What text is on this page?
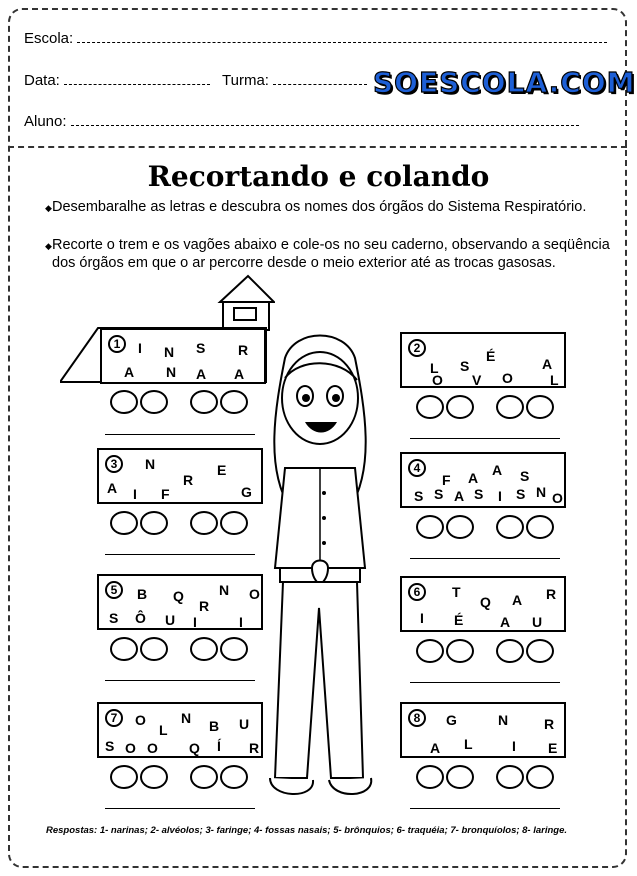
Escola:
Data:	Turma:	SOESCOLA.COM
Aluno:
Recortando e colando
◆ Desembaralhe as letras e descubra os nomes dos órgãos do Sistema Respiratório.
◆ Recorte o trem e os vagões abaixo e cole-os no seu caderno, observando a seqüência dos órgãos em que o ar percorre desde o meio exterior até as trocas gasosas.
1	I N S R
A N A A
2
L S
É	A
O V O	L
3	N	E
R
A I F	G
4
F A A S
S S A S I S N O
5	B Q
R
N O
S Ô U I	I
6	T
Q A R
I É	A U
7	O
L
N B U
S O O Q Í R
8	G	N	R
A L	I E
Respostas: 1- narinas; 2- alvéolos; 3- faringe; 4- fossas nasais; 5- brônquios; 6- traquéia; 7- bronquíolos; 8- laringe.
